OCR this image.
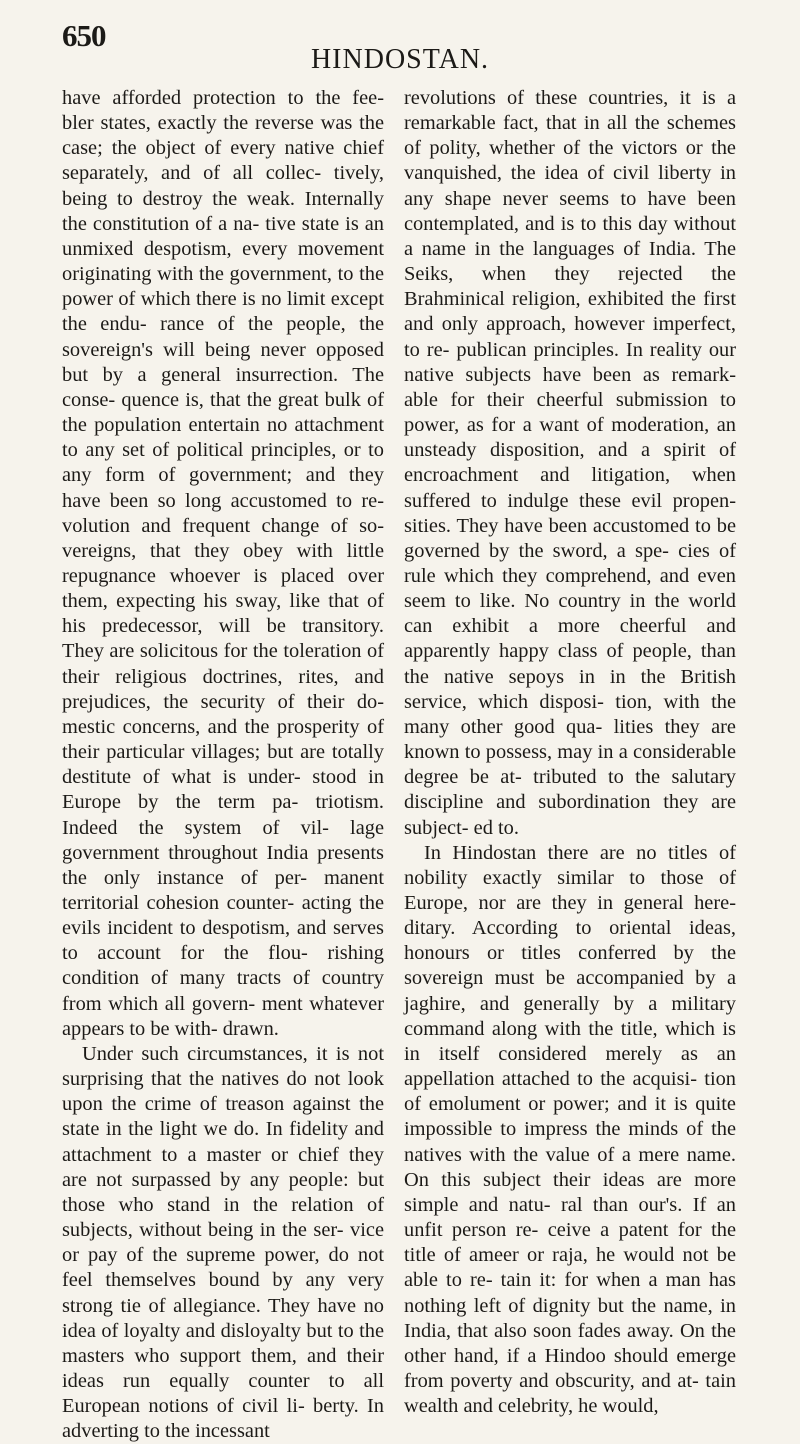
650
HINDOSTAN.

have afforded protection to the fee- bler states, exactly the reverse was the case; the object of every native chief separately, and of all collec- tively, being to destroy the weak. Internally the constitution of a na- tive state is an unmixed despotism, every movement originating with the government, to the power of which there is no limit except the endu- rance of the people, the sovereign's will being never opposed but by a general insurrection. The conse- quence is, that the great bulk of the population entertain no attachment to any set of political principles, or to any form of government; and they have been so long accustomed to re- volution and frequent change of so- vereigns, that they obey with little repugnance whoever is placed over them, expecting his sway, like that of his predecessor, will be transitory. They are solicitous for the toleration of their religious doctrines, rites, and prejudices, the security of their do- mestic concerns, and the prosperity of their particular villages; but are totally destitute of what is under- stood in Europe by the term pa- triotism. Indeed the system of vil- lage government throughout India presents the only instance of per- manent territorial cohesion counter- acting the evils incident to despotism, and serves to account for the flou- rishing condition of many tracts of country from which all govern- ment whatever appears to be with- drawn.

Under such circumstances, it is not surprising that the natives do not look upon the crime of treason against the state in the light we do. In fidelity and attachment to a master or chief they are not surpassed by any people: but those who stand in the relation of subjects, without being in the ser- vice or pay of the supreme power, do not feel themselves bound by any very strong tie of allegiance. They have no idea of loyalty and disloyalty but to the masters who support them, and their ideas run equally counter to all European notions of civil li- berty. In adverting to the incessant

revolutions of these countries, it is a remarkable fact, that in all the schemes of polity, whether of the victors or the vanquished, the idea of civil liberty in any shape never seems to have been contemplated, and is to this day without a name in the languages of India. The Seiks, when they rejected the Brahminical religion, exhibited the first and only approach, however imperfect, to re- publican principles. In reality our native subjects have been as remark- able for their cheerful submission to power, as for a want of moderation, an unsteady disposition, and a spirit of encroachment and litigation, when suffered to indulge these evil propen- sities. They have been accustomed to be governed by the sword, a spe- cies of rule which they comprehend, and even seem to like. No country in the world can exhibit a more cheerful and apparently happy class of people, than the native sepoys in in the British service, which disposi- tion, with the many other good qua- lities they are known to possess, may in a considerable degree be at- tributed to the salutary discipline and subordination they are subject- ed to.

In Hindostan there are no titles of nobility exactly similar to those of Europe, nor are they in general here- ditary. According to oriental ideas, honours or titles conferred by the sovereign must be accompanied by a jaghire, and generally by a military command along with the title, which is in itself considered merely as an appellation attached to the acquisi- tion of emolument or power; and it is quite impossible to impress the minds of the natives with the value of a mere name. On this subject their ideas are more simple and natu- ral than our's. If an unfit person re- ceive a patent for the title of ameer or raja, he would not be able to re- tain it: for when a man has nothing left of dignity but the name, in India, that also soon fades away. On the other hand, if a Hindoo should emerge from poverty and obscurity, and at- tain wealth and celebrity, he would,
